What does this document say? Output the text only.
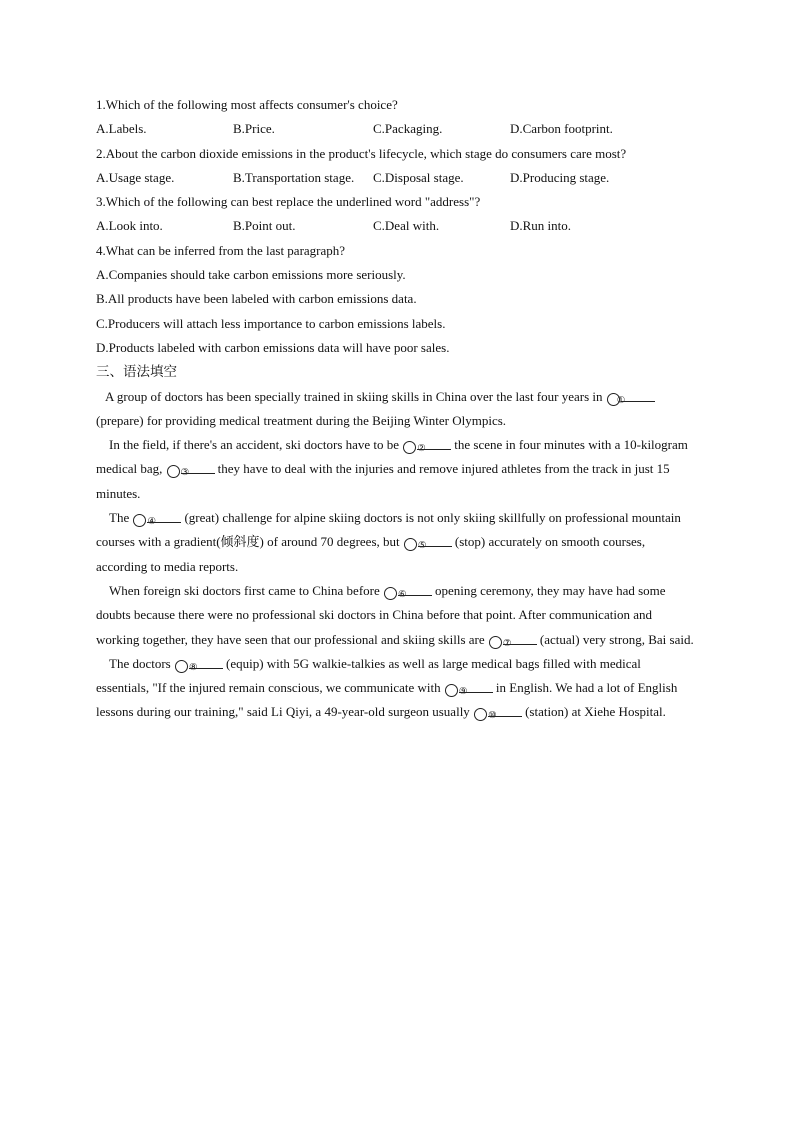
1.Which of the following most affects consumer's choice?
A.Labels.	B.Price.	C.Packaging.	D.Carbon footprint.
2.About the carbon dioxide emissions in the product's lifecycle, which stage do consumers care most?
A.Usage stage.	B.Transportation stage.	C.Disposal stage.	D.Producing stage.
3.Which of the following can best replace the underlined word "address"?
A.Look into.	B.Point out.	C.Deal with.	D.Run into.
4.What can be inferred from the last paragraph?
A.Companies should take carbon emissions more seriously.
B.All products have been labeled with carbon emissions data.
C.Producers will attach less importance to carbon emissions labels.
D.Products labeled with carbon emissions data will have poor sales.
三、语法填空
A group of doctors has been specially trained in skiing skills in China over the last four years in ①(prepare) for providing medical treatment during the Beijing Winter Olympics.
In the field, if there's an accident, ski doctors have to be ② the scene in four minutes with a 10-kilogram medical bag, ③ they have to deal with the injuries and remove injured athletes from the track in just 15 minutes.
The ④ (great) challenge for alpine skiing doctors is not only skiing skillfully on professional mountain courses with a gradient(倾斜度) of around 70 degrees, but ⑤ (stop) accurately on smooth courses, according to media reports.
When foreign ski doctors first came to China before ⑥ opening ceremony, they may have had some doubts because there were no professional ski doctors in China before that point. After communication and working together, they have seen that our professional and skiing skills are ⑦ (actual) very strong, Bai said.
The doctors ⑧ (equip) with 5G walkie-talkies as well as large medical bags filled with medical essentials, "If the injured remain conscious, we communicate with ⑨ in English. We had a lot of English lessons during our training," said Li Qiyi, a 49-year-old surgeon usually ⑩ (station) at Xiehe Hospital.
